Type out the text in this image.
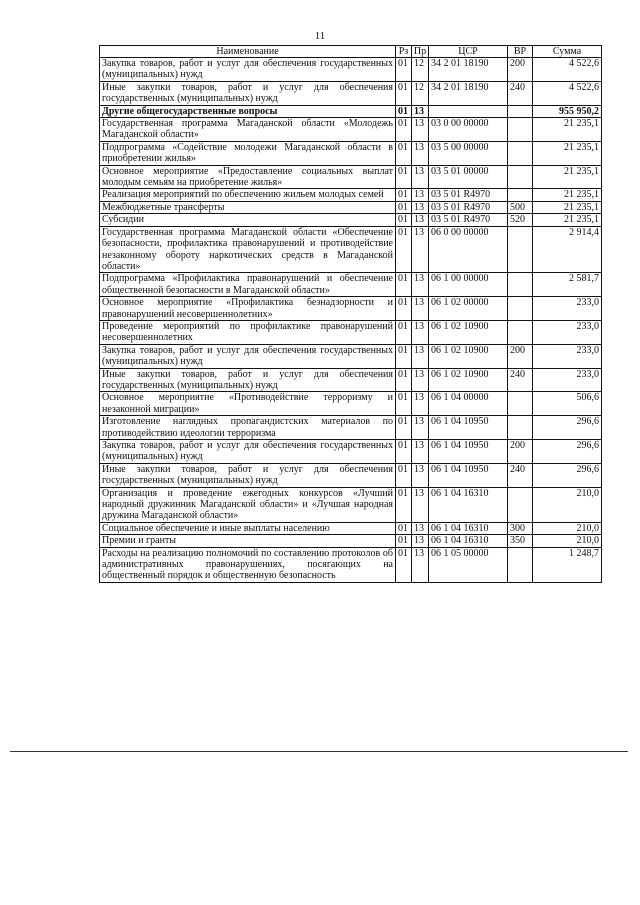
11
Наименование	Рз	Пр	ЦСР	ВР	Сумма
Закупка товаров, работ и услуг для обеспечения государственных (муниципальных) нужд	01	12	34 2 01 18190	200	4 522,6
Иные закупки товаров, работ и услуг для обеспечения государственных (муниципальных) нужд	01	12	34 2 01 18190	240	4 522,6
Другие общегосударственные вопросы	01	13			955 950,2
Государственная программа Магаданской области «Молодежь Магаданской области»	01	13	03 0 00 00000		21 235,1
Подпрограмма «Содействие молодежи Магаданской области в приобретении жилья»	01	13	03 5 00 00000		21 235,1
Основное мероприятие «Предоставление социальных выплат молодым семьям на приобретение жилья»	01	13	03 5 01 00000		21 235,1
Реализация мероприятий по обеспечению жильем молодых семей	01	13	03 5 01 R4970		21 235,1
Межбюджетные трансферты	01	13	03 5 01 R4970	500	21 235,1
Субсидии	01	13	03 5 01 R4970	520	21 235,1
Государственная программа Магаданской области «Обеспечение безопасности, профилактика правонарушений и противодействие незаконному обороту наркотических средств в Магаданской области»	01	13	06 0 00 00000		2 914,4
Подпрограмма «Профилактика правонарушений и обеспечение общественной безопасности в Магаданской области»	01	13	06 1 00 00000		2 581,7
Основное мероприятие «Профилактика безнадзорности и правонарушений несовершеннолетних»	01	13	06 1 02 00000		233,0
Проведение мероприятий по профилактике правонарушений несовершеннолетних	01	13	06 1 02 10900		233,0
Закупка товаров, работ и услуг для обеспечения государственных (муниципальных) нужд	01	13	06 1 02 10900	200	233,0
Иные закупки товаров, работ и услуг для обеспечения государственных (муниципальных) нужд	01	13	06 1 02 10900	240	233,0
Основное мероприятие «Противодействие терроризму и незаконной миграции»	01	13	06 1 04 00000		506,6
Изготовление наглядных пропагандистских материалов по противодействию идеологии терроризма	01	13	06 1 04 10950		296,6
Закупка товаров, работ и услуг для обеспечения государственных (муниципальных) нужд	01	13	06 1 04 10950	200	296,6
Иные закупки товаров, работ и услуг для обеспечения государственных (муниципальных) нужд	01	13	06 1 04 10950	240	296,6
Организация и проведение ежегодных конкурсов «Лучший народный дружинник Магаданской области» и «Лучшая народная дружина Магаданской области»	01	13	06 1 04 16310		210,0
Социальное обеспечение и иные выплаты населению	01	13	06 1 04 16310	300	210,0
Премии и гранты	01	13	06 1 04 16310	350	210,0
Расходы на реализацию полномочий по составлению протоколов об административных правонарушениях, посягающих на общественный порядок и общественную безопасность	01	13	06 1 05 00000		1 248,7
